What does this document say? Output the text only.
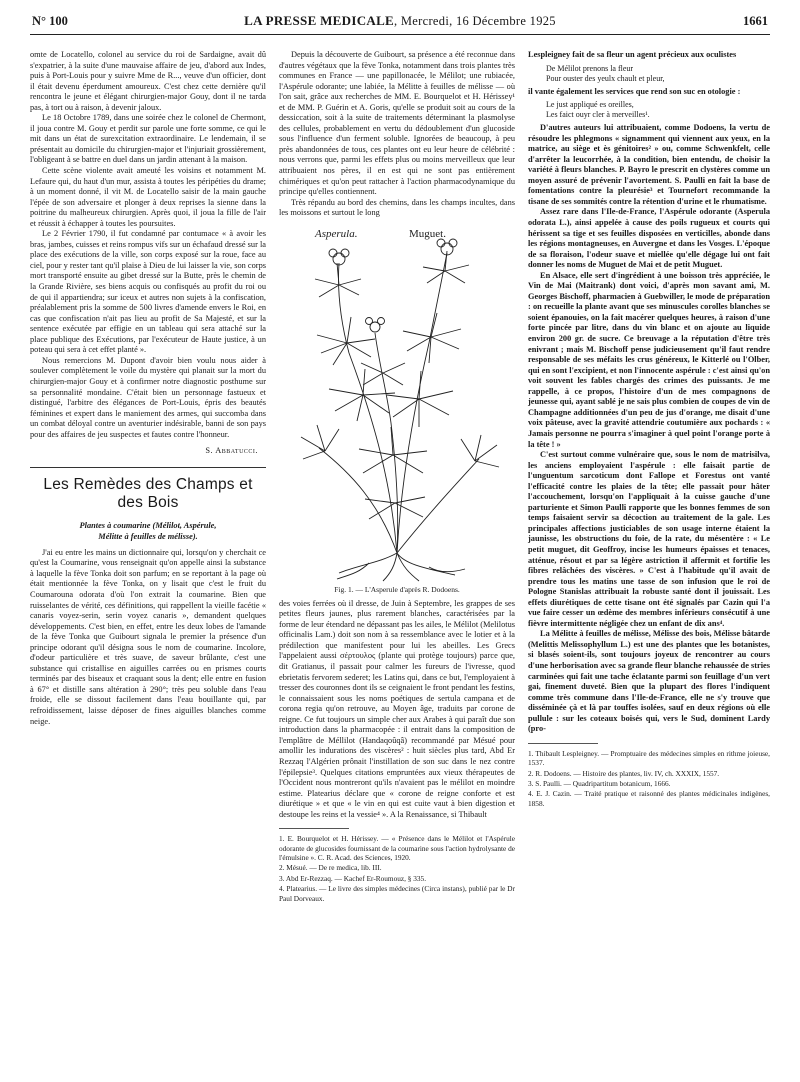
N° 100	LA PRESSE MEDICALE, Mercredi, 16 Décembre 1925	1661

omte de Locatello, colonel au service du roi de Sardaigne, avait dû s'expatrier, à la suite d'une mauvaise affaire de jeu, d'abord aux Indes, puis à Port-Louis pour y suivre Mme de R..., veuve d'un officier, dont il était devenu éperdument amoureux. C'est chez cette dernière qu'il rencontra le jeune et élégant chirurgien-major Gouy, dont il ne tarda pas, à tort ou à raison, à devenir jaloux.

Le 18 Octobre 1789, dans une soirée chez le colonel de Chermont, il joua contre M. Gouy et perdit sur parole une forte somme, ce qui le mit dans un état de surexcitation extraordinaire. Le lendemain, il se présentait au domicile du chirurgien-major et l'injuriait grossièrement, l'obligeant à se battre en duel dans un jardin attenant à la maison.

Cette scène violente avait ameuté les voisins et notamment M. Lefaure qui, du haut d'un mur, assista à toutes les péripéties du drame; à un moment donné, il vit M. de Locatello saisir de la main gauche l'épée de son adversaire et plonger à deux reprises la sienne dans la poitrine du malheureux chirurgien. Après quoi, il joua la fille de l'air et réussit à échapper à toutes les poursuites.

Le 2 Février 1790, il fut condamné par contumace « à avoir les bras, jambes, cuisses et reins rompus vifs sur un échafaud dressé sur la place des exécutions de la ville, son corps exposé sur la roue, face au ciel, pour y rester tant qu'il plaise à Dieu de lui laisser la vie, son corps mort transporté ensuite au gibet dressé sur la Butte, près le chemin de la Grande Rivière, ses biens acquis ou confisqués au profit du roi ou de qui il appartiendra; sur iceux et autres non sujets à la confiscation, préalablement pris la somme de 500 livres d'amende envers le Roi, en cas que confiscation n'ait pas lieu au profit de Sa Majesté, et sur la sentence exécutée par effigie en un tableau qui sera attaché sur la place publique des Exécutions, par l'exécuteur de Haute justice, à un poteau qui sera à cet effet planté ».

Nous remercions M. Dupont d'avoir bien voulu nous aider à soulever complètement le voile du mystère qui planait sur la mort du chirurgien-major Gouy et à confirmer notre diagnostic posthume sur sa personnalité mondaine. C'était bien un personnage fastueux et distingué, l'arbitre des élégances de Port-Louis, épris des beautés féminines et expert dans le maniement des armes, qui succomba dans un combat déloyal contre un aventurier indésirable, banni de son pays pour des affaires de jeu suspectes et fautes contre l'honneur.

S. Abbatucci.
Les Remèdes des Champs et des Bois
Plantes à coumarine (Mélilot, Aspérule,
Mélitte à feuilles de mélisse).

J'ai eu entre les mains un dictionnaire qui, lorsqu'on y cherchait ce qu'est la Coumarine, vous renseignait qu'on appelle ainsi la substance à laquelle la fève Tonka doit son parfum; en se reportant à la page où était mentionnée la fève Tonka, on y lisait que c'est le fruit du Coumarouna odorata d'où l'on extrait la coumarine. Bien que ruisselantes de vérité, ces définitions, qui rappellent la vieille facétie « canaris voyez-serin, serin voyez canaris », demandent quelques développements. C'est bien, en effet, entre les deux lobes de l'amande de la fève Tonka que Guibourt signala le premier la présence d'un principe odorant qu'il désigna sous le nom de coumarine. Incolore, d'odeur particulière et très suave, de saveur brûlante, c'est une substance qui cristallise en aiguilles carrées ou en prismes courts terminés par des biseaux et craquant sous la dent; elle entre en fusion à 67° et distille sans altération à 290°; très peu soluble dans l'eau froide, elle se dissout facilement dans l'eau bouillante qui, par refroidissement, laisse déposer de fines aiguilles blanches comme neige.

Depuis la découverte de Guibourt, sa présence a été reconnue dans d'autres végétaux que la fève Tonka, notamment dans trois plantes très communes en France — une papillonacée, le Mélilot; une rubiacée, l'Aspérule odorante; une labiée, la Mélitte à feuilles de mélisse — où l'on sait, grâce aux recherches de MM. E. Bourquelot et H. Hérissey¹ et de MM. P. Guérin et A. Goris, qu'elle se produit soit au cours de la dessiccation, soit à la suite de traitements déterminant la plasmolyse des cellules, probablement en vertu du dédoublement d'un glucoside sous l'influence d'un ferment soluble. Ignorées de beaucoup, à peu près abandonnées de tous, ces plantes ont eu leur heure de célébrité : nous verrons que, parmi les effets plus ou moins merveilleux que leur attribuaient nos pères, il en est qui ne sont pas entièrement chimériques et qu'on peut rattacher à l'action pharmacodynamique du principe qu'elles contiennent.

Très répandu au bord des chemins, dans les champs incultes, dans les moissons et surtout le long

Asperula.	Muguet.
Fig. 1. — L'Asperule d'après R. Dodoens.

des voies ferrées où il dresse, de Juin à Septembre, les grappes de ses petites fleurs jaunes, plus rarement blanches, caractérisées par la forme de leur étendard ne dépassant pas les ailes, le Mélilot (Melilotus officinalis Lam.) doit son nom à sa ressemblance avec le lotier et à la prédilection que manifestent pour lui les abeilles. Les Grecs l'appelaient aussi σέρτουλος (plante qui protège toujours) parce que, dit Gratianus, il passait pour calmer les fureurs de l'ivresse, quod ebrietatis fervorem sederet; les Latins qui, dans ce but, l'employaient à tresser des couronnes dont ils se ceignaient le front pendant les festins, le connaissaient sous les noms poétiques de sertula campana et de corona regia qu'on retrouve, au Moyen âge, traduits par corone de reigne. Ce fut toujours un simple cher aux Arabes à qui paraît due son introduction dans la pharmacopée : il entrait dans la composition de l'emplâtre de Méllilot (Handaqoûqâ) recommandé par Mésué pour amollir les indurations des viscères² : huit siècles plus tard, Abd Er Rezzaq l'Algérien prônait l'instillation de son suc dans le nez contre l'épilepsie³. Quelques citations empruntées aux vieux thérapeutes de l'Occident nous montreront qu'ils n'avaient pas le mélilot en moindre estime. Platearius déclare que « corone de reigne conforte et est diurétique » et que « le vin en qui est cuite vaut à bien digestion et destoupe les reins et la vessie⁴ ». A la Renaissance, si Thibault

1. E. Bourquelot et H. Hérissey. — « Présence dans le Mélilot et l'Aspérule odorante de glucosides fournissant de la coumarine sous l'action hydrolysante de l'émulsine ». C. R. Acad. des Sciences, 1920.
2. Mésué. — De re medica, lib. III.
3. Abd Er-Rezzaq. — Kachef Er-Roumouz, § 335.
4. Platearius. — Le livre des simples médecines (Circa instans), publié par le Dr Paul Dorveaux.

Lespleigney fait de sa fleur un agent précieux aux oculistes

De Mélilot prenons la fleur
Pour ouster des yeulx chault et pleur,

il vante également les services que rend son suc en otologie :

Le just appliqué es oreilles,
Les faict ouyr cler à merveilles¹.

D'autres auteurs lui attribuaient, comme Dodoens, la vertu de résoudre les phlegmons « signamment qui viennent aux yeux, en la matrice, au siège et ès génitoires² » ou, comme Schwenkfelt, celle d'arrêter la leucorrhée, à la condition, bien entendu, de choisir la variété à fleurs blanches. P. Bayro le prescrit en clystères comme un moyen assuré de prévenir l'avortement. S. Paulli en fait la base de fomentations contre la pleurésie³ et Tournefort recommande la tisane de ses sommités contre la rétention d'urine et le rhumatisme.

Assez rare dans l'Ile-de-France, l'Aspérule odorante (Asperula odorata L.), ainsi appelée à cause des poils rugueux et courts qui hérissent sa tige et ses feuilles disposées en verticilles, abonde dans les régions montagneuses, en Auvergne et dans les Vosges. L'époque de sa floraison, l'odeur suave et miellée qu'elle dégage lui ont fait donner les noms de Muguet de Mai et de petit Muguet.

En Alsace, elle sert d'ingrédient à une boisson très appréciée, le Vin de Mai (Maitrank) dont voici, d'après mon savant ami, M. Georges Bischoff, pharmacien à Guebwiller, le mode de préparation : on recueille la plante avant que ses minuscules corolles blanches se soient épanouies, on la fait macérer quelques heures, à raison d'une forte pincée par litre, dans du vin blanc et on ajoute au liquide environ 200 gr. de sucre. Ce breuvage a la réputation d'être très enivrant ; mais M. Bischoff pense judicieusement qu'il faut rendre responsable de ses méfaits les crus généreux, le Kitterlé ou l'Olber, qui en sont l'excipient, et non l'innocente aspérule : c'est ainsi qu'on voit souvent les fables chargés des crimes des puissants. Je me rappelle, à ce propos, l'histoire d'un de mes compagnons de jeunesse qui, ayant sablé je ne sais plus combien de coupes de vin de Champagne additionnées d'un peu de jus d'orange, me disait d'une voix pâteuse, avec la gravité attendrie coutumière aux pochards : « Jamais personne ne pourra s'imaginer à quel point l'orange porte à la tête ! »

C'est surtout comme vulnéraire que, sous le nom de matrisilva, les anciens employaient l'aspérule : elle faisait partie de l'unguentum sarcoticum dont Fallope et Forestus ont vanté l'efficacité contre les plaies de la tête; elle passait pour hâter l'accouchement, lorsqu'on l'appliquait à la cuisse gauche d'une parturiente et Simon Paulli rapporte que les bonnes femmes de son temps faisaient servir sa décoction au traitement de la gale. Les principales affections justiciables de son usage interne étaient la jaunisse, les obstructions du foie, de la rate, du mésentère : « Le petit muguet, dit Geoffroy, incise les humeurs épaisses et tenaces, atténue, résout et par sa légère astriction il affermit et fortifie les fibres relâchées des viscères. » C'est à l'habitude qu'il avait de prendre tous les matins une tasse de son infusion que le roi de Pologne Stanislas attribuait la robuste santé dont il jouissait. Les effets diurétiques de cette tisane ont été signalés par Cazin qui l'a vue faire cesser un œdème des membres inférieurs consécutif à une fièvre intermittente négligée chez un enfant de dix ans⁴.

La Mélitte à feuilles de mélisse, Mélisse des bois, Mélisse bâtarde (Melittis Melissophyllum L.) est une des plantes que les botanistes, si blasés soient-ils, sont toujours joyeux de rencontrer au cours d'une herborisation avec sa grande fleur blanche rehaussée de stries carminées qui fait une tache éclatante parmi son feuillage d'un vert gai, finement duveté. Bien que la plupart des flores l'indiquent comme très commune dans l'Ile-de-France, elle ne s'y trouve que disséminée çà et là par touffes isolées, sauf en deux régions où elle pullule : sur les coteaux boisés qui, vers le Sud, dominent Lardy (pro-

1. Thibault Lespleigney. — Promptuaire des médecines simples en rithme joieuse, 1537.
2. R. Dodoens. — Histoire des plantes, liv. IV, ch. XXXIX, 1557.
3. S. Paulli. — Quadripartitum botanicum, 1666.
4. E. J. Cazin. — Traité pratique et raisonné des plantes médicinales indigènes, 1858.
